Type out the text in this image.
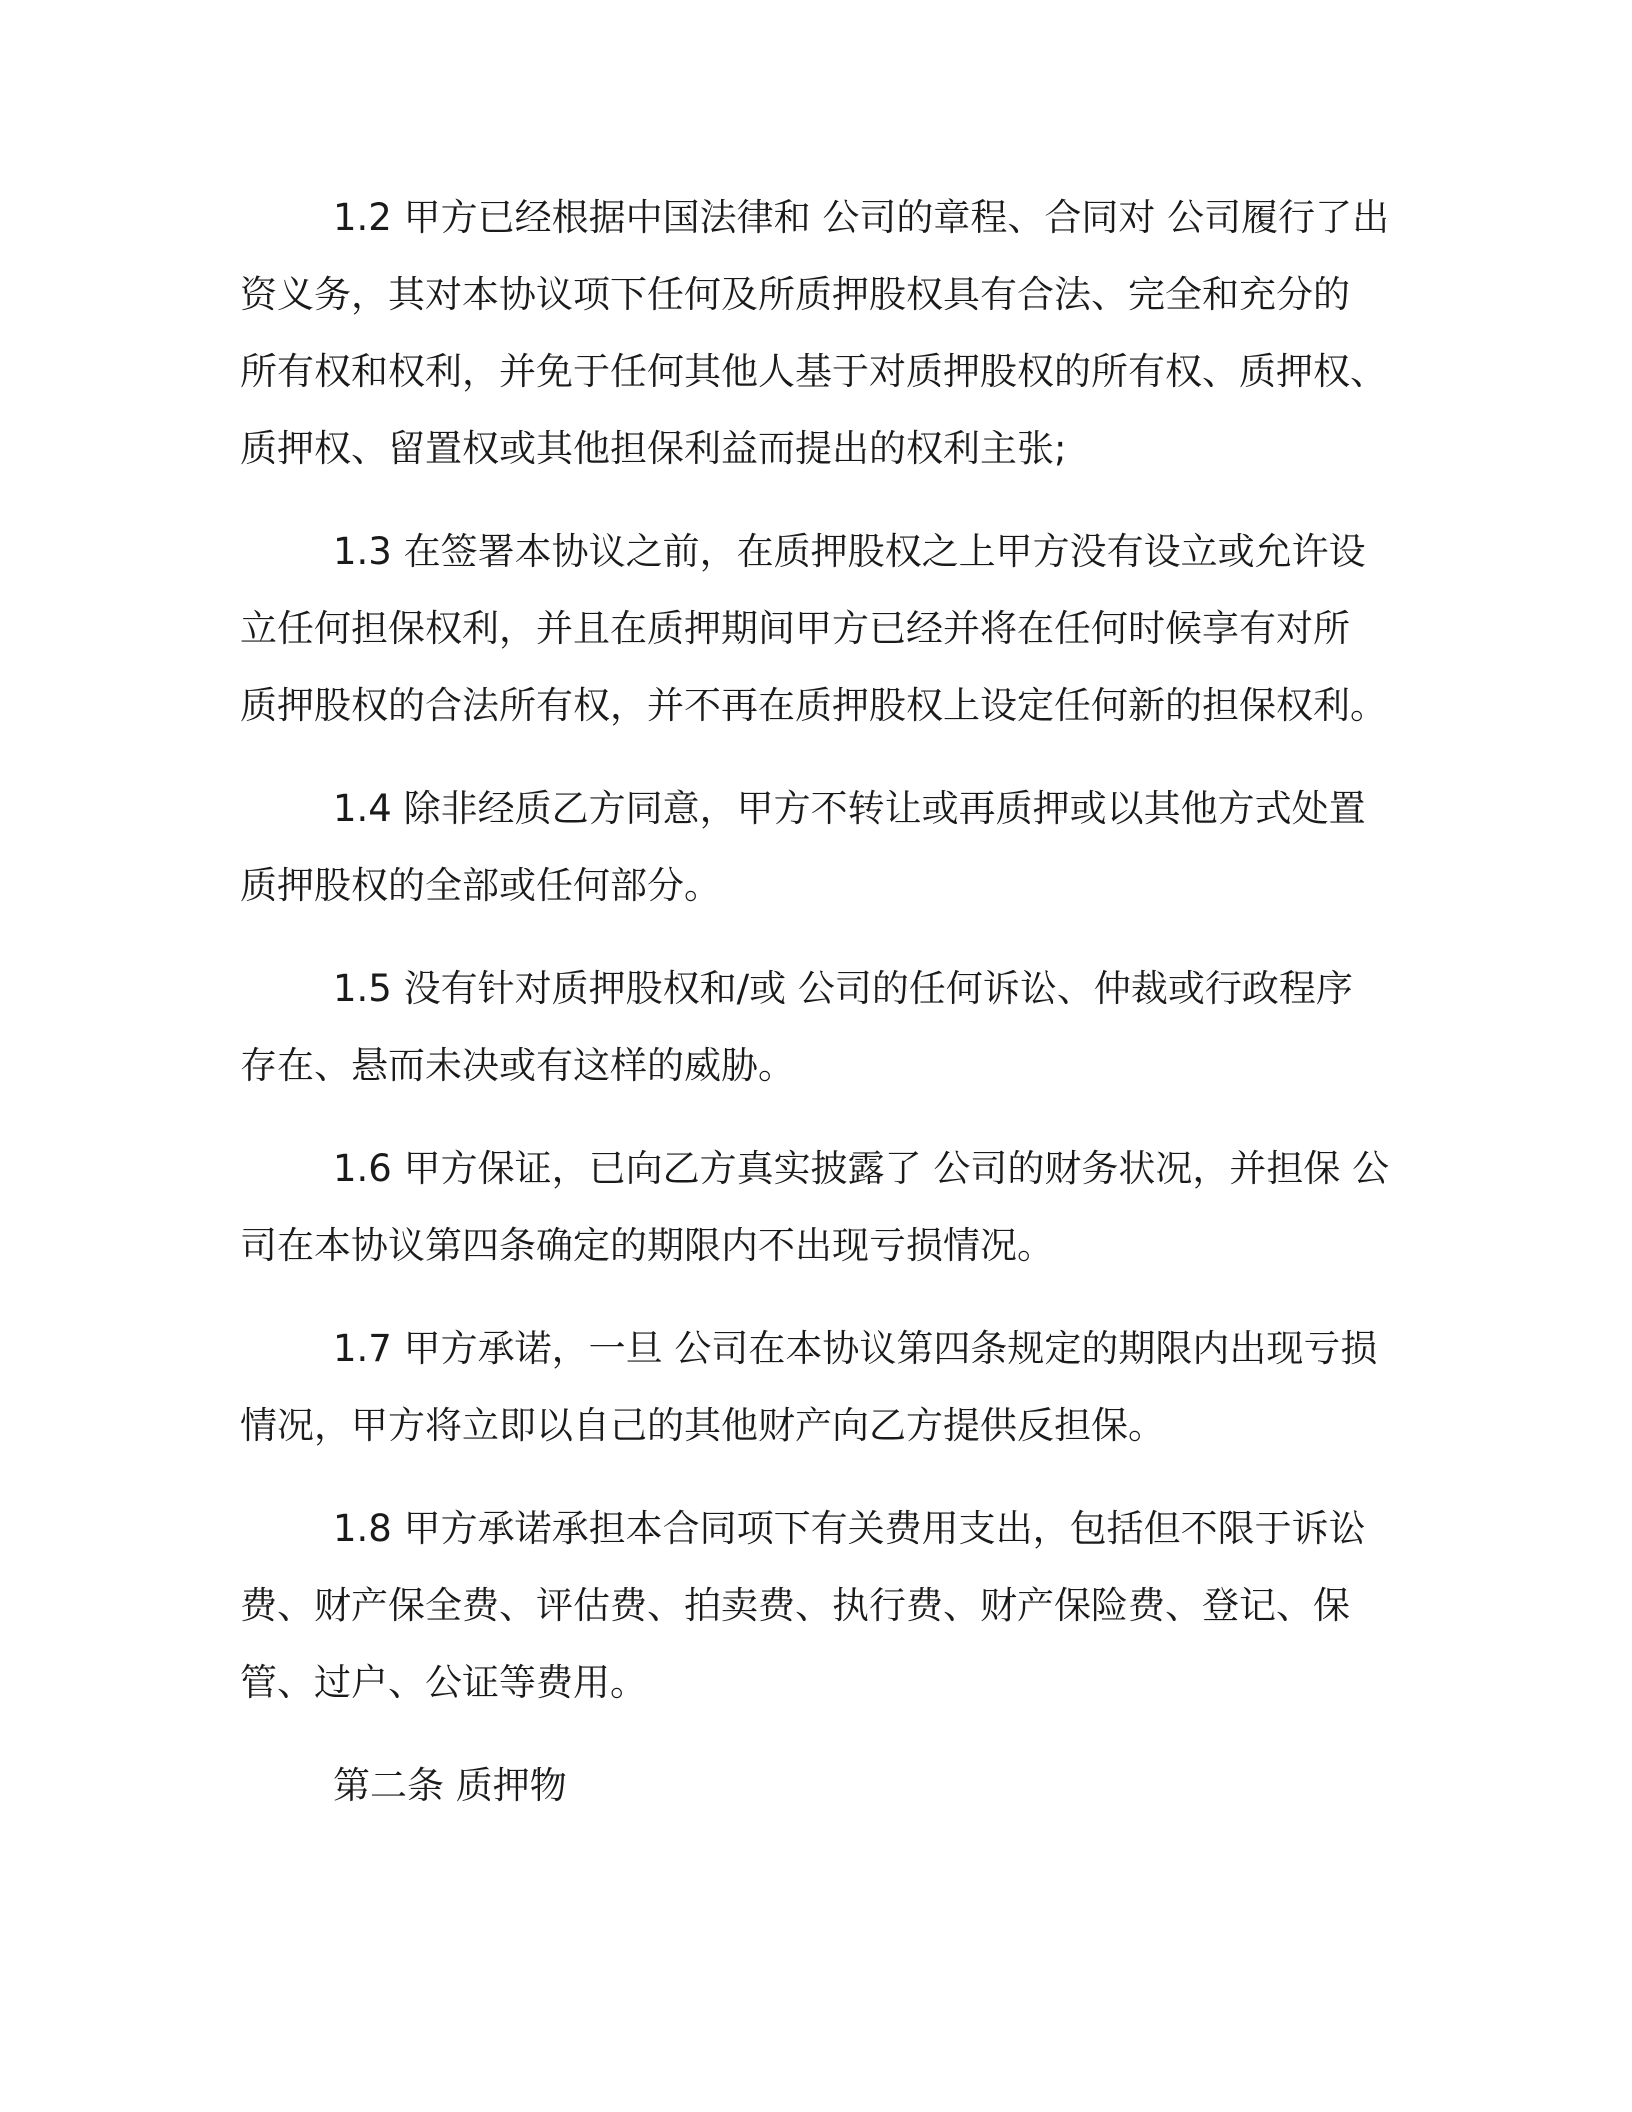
1.2 甲方已经根据中国法律和 公司的章程、合同对 公司履行了出
资义务，其对本协议项下任何及所质押股权具有合法、完全和充分的
所有权和权利，并免于任何其他人基于对质押股权的所有权、质押权、
质押权、留置权或其他担保利益而提出的权利主张;
1.3 在签署本协议之前，在质押股权之上甲方没有设立或允许设
立任何担保权利，并且在质押期间甲方已经并将在任何时候享有对所
质押股权的合法所有权，并不再在质押股权上设定任何新的担保权利。
1.4 除非经质乙方同意，甲方不转让或再质押或以其他方式处置
质押股权的全部或任何部分。
1.5 没有针对质押股权和/或 公司的任何诉讼、仲裁或行政程序
存在、悬而未决或有这样的威胁。
1.6 甲方保证，已向乙方真实披露了 公司的财务状况，并担保 公
司在本协议第四条确定的期限内不出现亏损情况。
1.7 甲方承诺，一旦 公司在本协议第四条规定的期限内出现亏损
情况，甲方将立即以自己的其他财产向乙方提供反担保。
1.8 甲方承诺承担本合同项下有关费用支出，包括但不限于诉讼
费、财产保全费、评估费、拍卖费、执行费、财产保险费、登记、保
管、过户、公证等费用。
第二条 质押物
